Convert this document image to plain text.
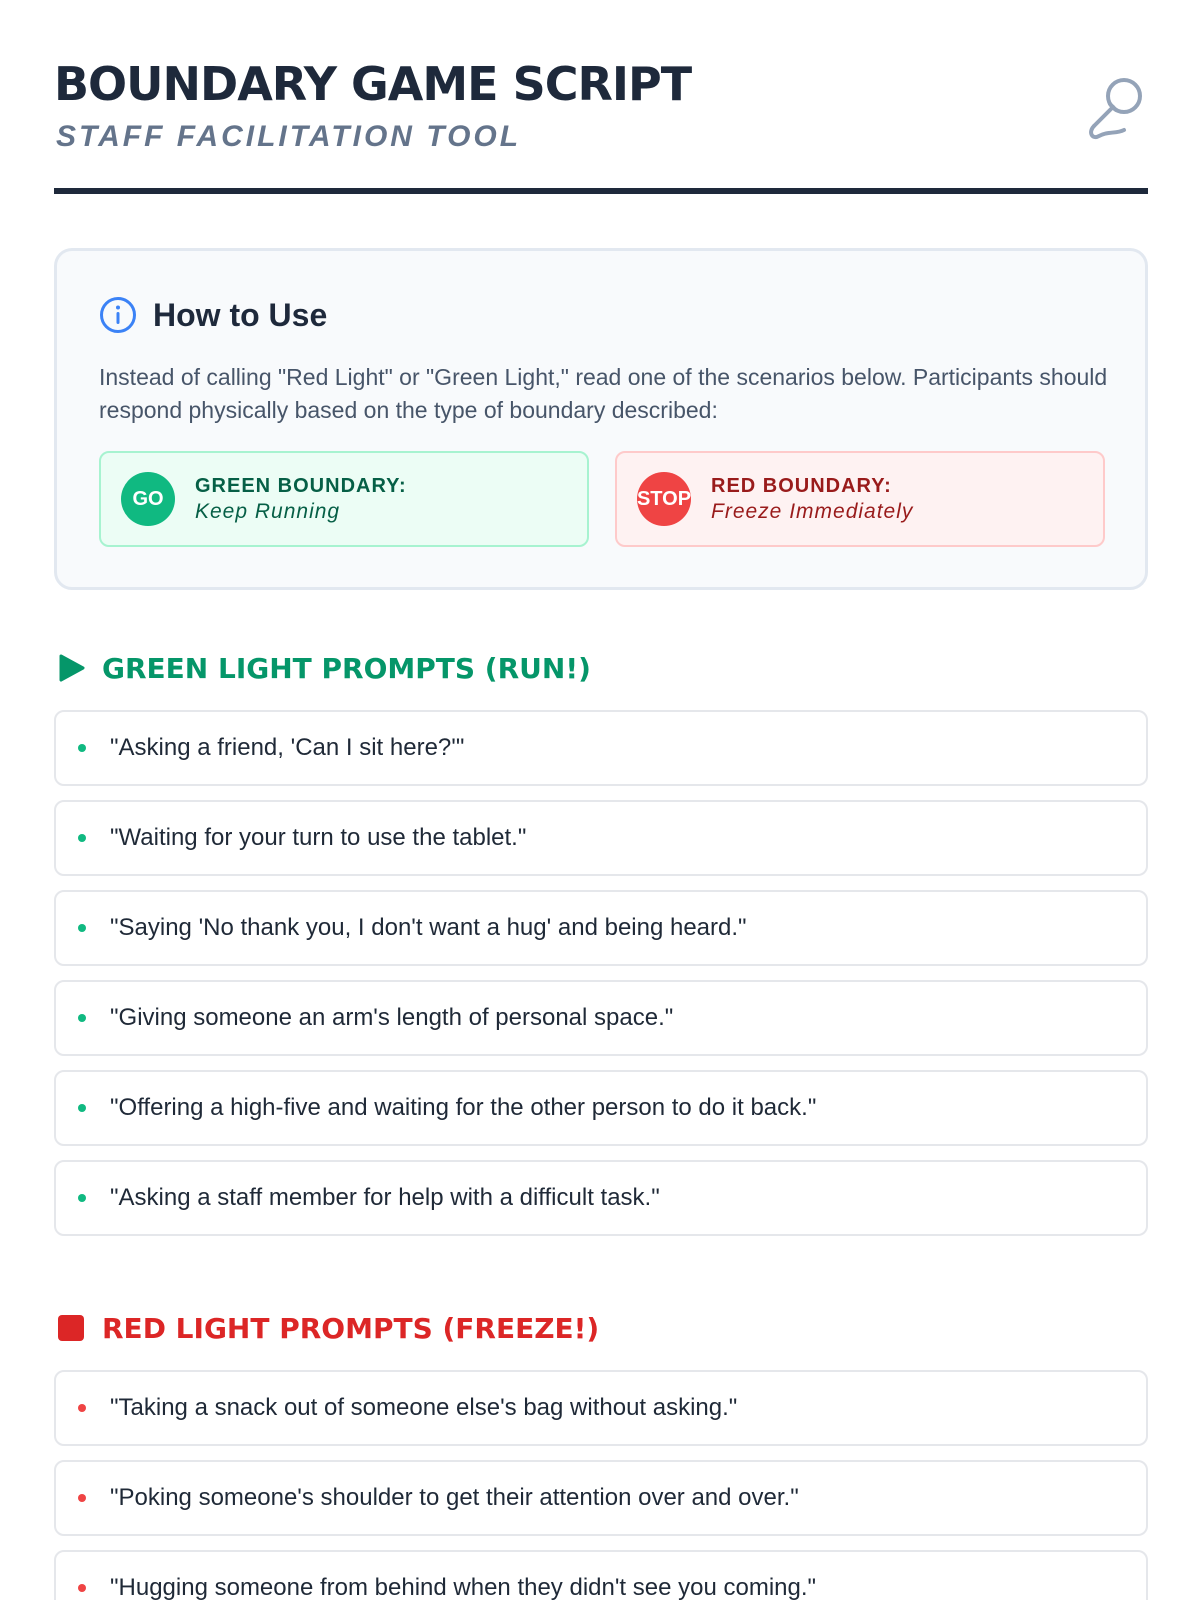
BOUNDARY GAME SCRIPT
STAFF FACILITATION TOOL
How to Use

Instead of calling "Red Light" or "Green Light," read one of the scenarios below. Participants should respond physically based on the type of boundary described:

GO
GREEN BOUNDARY:
Keep Running
STOP
RED BOUNDARY:
Freeze Immediately
GREEN LIGHT PROMPTS (RUN!)
"Asking a friend, 'Can I sit here?'"
"Waiting for your turn to use the tablet."
"Saying 'No thank you, I don't want a hug' and being heard."
"Giving someone an arm's length of personal space."
"Offering a high-five and waiting for the other person to do it back."
"Asking a staff member for help with a difficult task."
RED LIGHT PROMPTS (FREEZE!)
"Taking a snack out of someone else's bag without asking."
"Poking someone's shoulder to get their attention over and over."
"Hugging someone from behind when they didn't see you coming."
